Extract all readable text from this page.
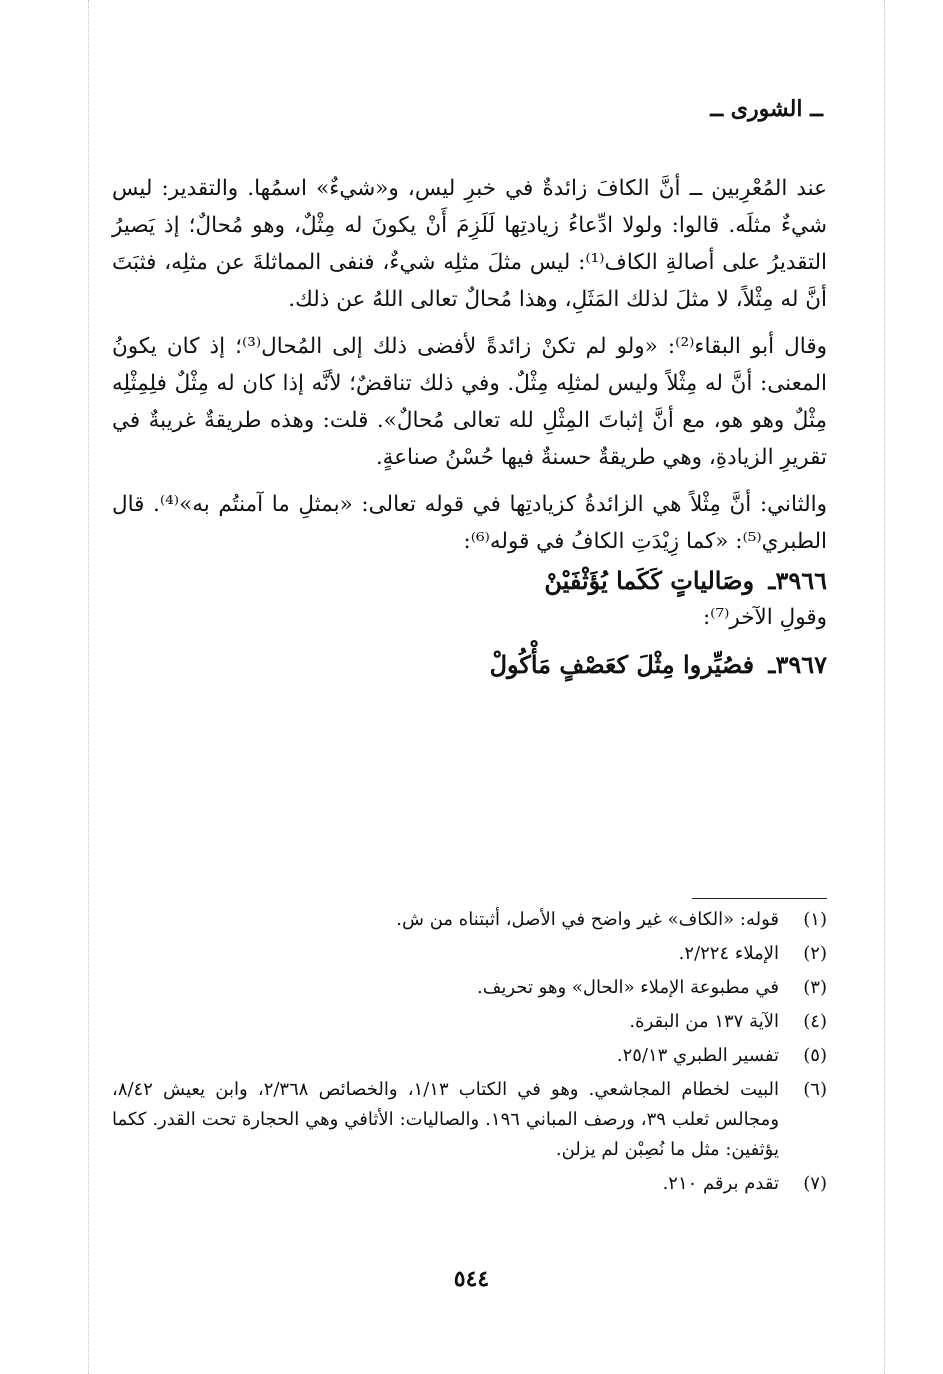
ــ الشورى ــ

عند المُعْرِبين ــ أنَّ الكافَ زائدةٌ في خبرِ ليس، و«شيءٌ» اسمُها. والتقدير: ليس شيءٌ مثلَه. قالوا: ولولا ادِّعاءُ زيادتِها لَلَزِمَ أَنْ يكونَ له مِثْلٌ، وهو مُحالٌ؛ إذ يَصيرُ التقديرُ على أصالةِ الكاف⁽¹⁾: ليس مثلَ مثلِه شيءٌ، فنفى المماثلةَ عن مثلِه، فثبَتَ أنَّ له مِثْلاً، لا مثلَ لذلك المَثَلِ، وهذا مُحالٌ تعالى اللهُ عن ذلك.

وقال أبو البقاء⁽²⁾: «ولو لم تكنْ زائدةً لأفضى ذلك إلى المُحال⁽³⁾؛ إذ كان يكونُ المعنى: أنَّ له مِثْلاً وليس لمثلِه مِثْلٌ. وفي ذلك تناقضٌ؛ لأنَّه إذا كان له مِثْلٌ فلِمِثْلِه مِثْلٌ وهو هو، مع أنَّ إثباتَ المِثْلِ لله تعالى مُحالٌ». قلت: وهذه طريقةٌ غريبةٌ في تقريرِ الزيادةِ، وهي طريقةٌ حسنةٌ فيها حُسْنُ صناعةٍ.

والثاني: أنَّ مِثْلاً هي الزائدةُ كزيادتِها في قوله تعالى: «بمثلِ ما آمنتُم به»⁽⁴⁾. قال الطبري⁽⁵⁾: «كما زِيْدَتِ الكافُ في قوله⁽⁶⁾:

٣٩٦٦ـ وصَالياتٍ كَكَما يُؤَثْفَيْنْ

وقولِ الآخر⁽⁷⁾:

٣٩٦٧ـ فصُيِّروا مِثْلَ كعَصْفٍ مَأْكُولْ
(١)
قوله: «الكاف» غير واضح في الأصل، أثبتناه من ش.
(٢)
الإملاء ٢/٢٢٤.
(٣)
في مطبوعة الإملاء «الحال» وهو تحريف.
(٤)
الآية ١٣٧ من البقرة.
(٥)
تفسير الطبري ٢٥/١٣.
(٦)
البيت لخطام المجاشعي. وهو في الكتاب ١/١٣، والخصائص ٢/٣٦٨، وابن يعيش ٨/٤٢، ومجالس ثعلب ٣٩، ورصف المباني ١٩٦. والصاليات: الأثافي وهي الحجارة تحت القدر. ككما يؤثفين: مثل ما نُصِبْن لم يزلن.
(٧)
تقدم برقم ٢١٠.
٥٤٤
